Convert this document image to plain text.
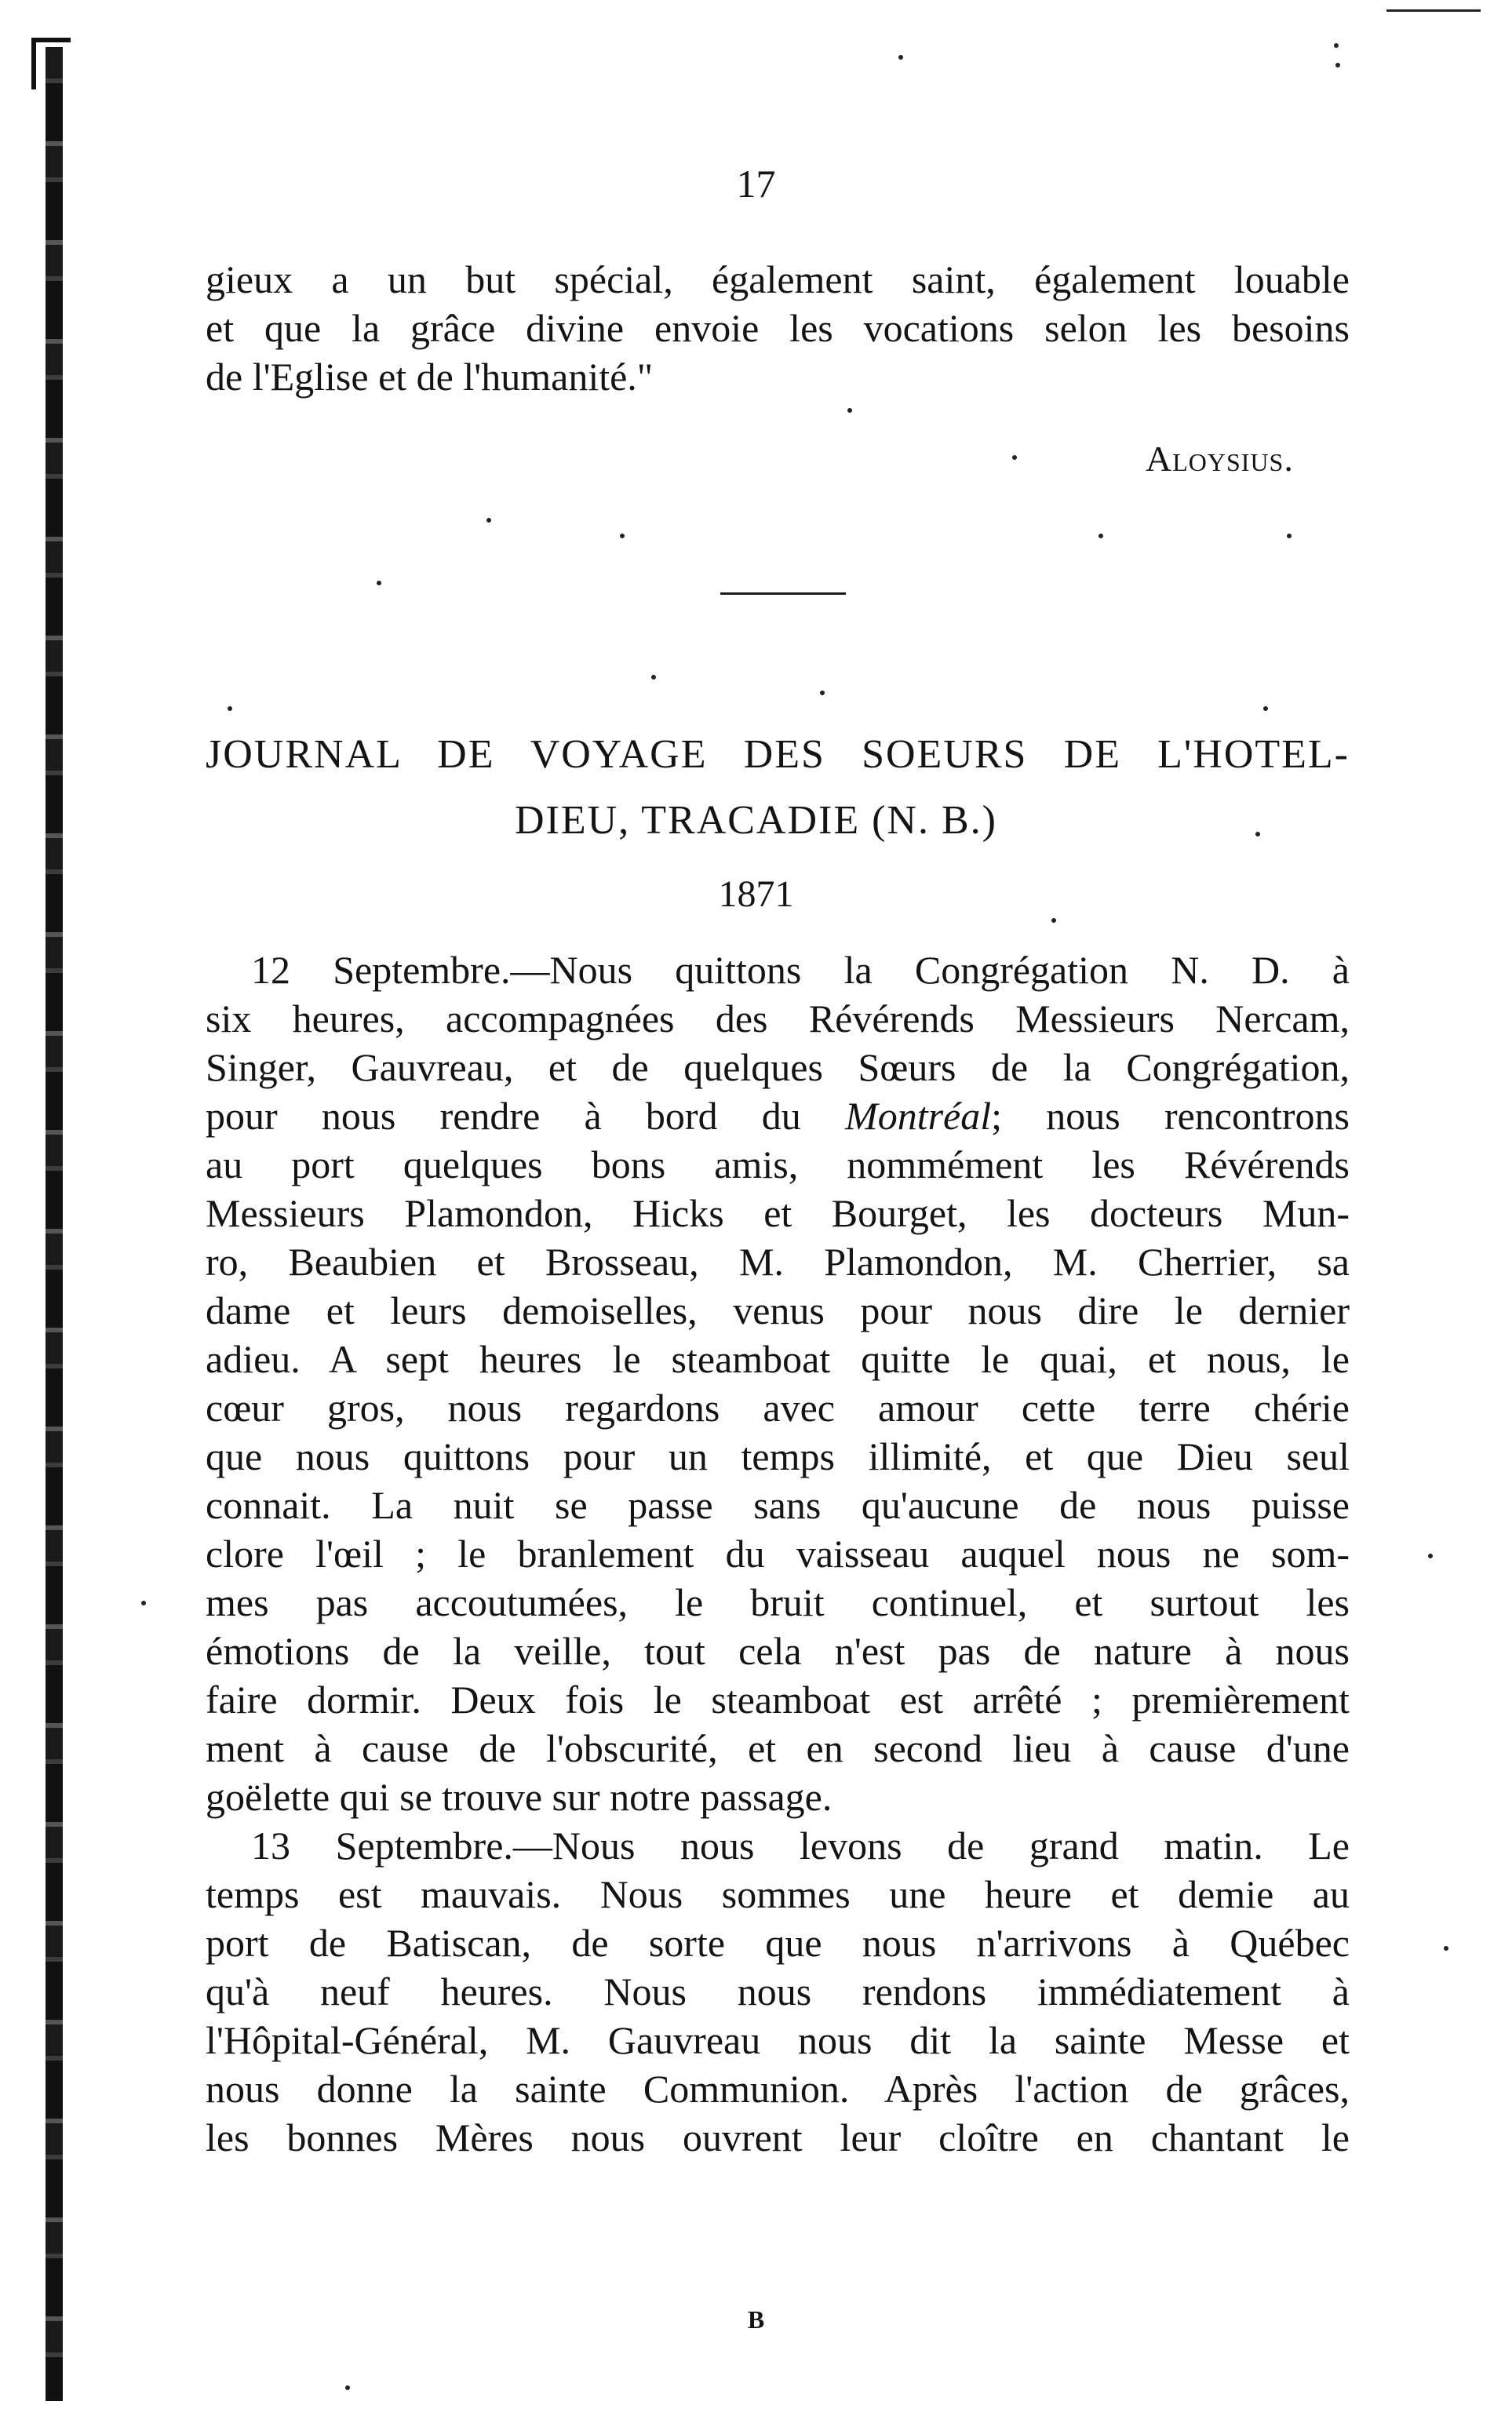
17
gieux a un but spécial, également saint, également louable
et que la grâce divine envoie les vocations selon les besoins
de l'Eglise et de l'humanité."
Aloysius.
JOURNAL DE VOYAGE DES SOEURS DE L'HOTEL-
DIEU, TRACADIE (N. B.)
1871
12 Septembre.—Nous quittons la Congrégation N. D. à
six heures, accompagnées des Révérends Messieurs Nercam,
Singer, Gauvreau, et de quelques Sœurs de la Congrégation,
pour nous rendre à bord du Montréal; nous rencontrons
au port quelques bons amis, nommément les Révérends
Messieurs Plamondon, Hicks et Bourget, les docteurs Mun-
ro, Beaubien et Brosseau, M. Plamondon, M. Cherrier, sa
dame et leurs demoiselles, venus pour nous dire le dernier
adieu. A sept heures le steamboat quitte le quai, et nous, le
cœur gros, nous regardons avec amour cette terre chérie
que nous quittons pour un temps illimité, et que Dieu seul
connait. La nuit se passe sans qu'aucune de nous puisse
clore l'œil ; le branlement du vaisseau auquel nous ne som-
mes pas accoutumées, le bruit continuel, et surtout les
émotions de la veille, tout cela n'est pas de nature à nous
faire dormir. Deux fois le steamboat est arrêté ; premièrement
ment à cause de l'obscurité, et en second lieu à cause d'une
goëlette qui se trouve sur notre passage.
13 Septembre.—Nous nous levons de grand matin. Le
temps est mauvais. Nous sommes une heure et demie au
port de Batiscan, de sorte que nous n'arrivons à Québec
qu'à neuf heures. Nous nous rendons immédiatement à
l'Hôpital-Général, M. Gauvreau nous dit la sainte Messe et
nous donne la sainte Communion. Après l'action de grâces,
les bonnes Mères nous ouvrent leur cloître en chantant le
B
